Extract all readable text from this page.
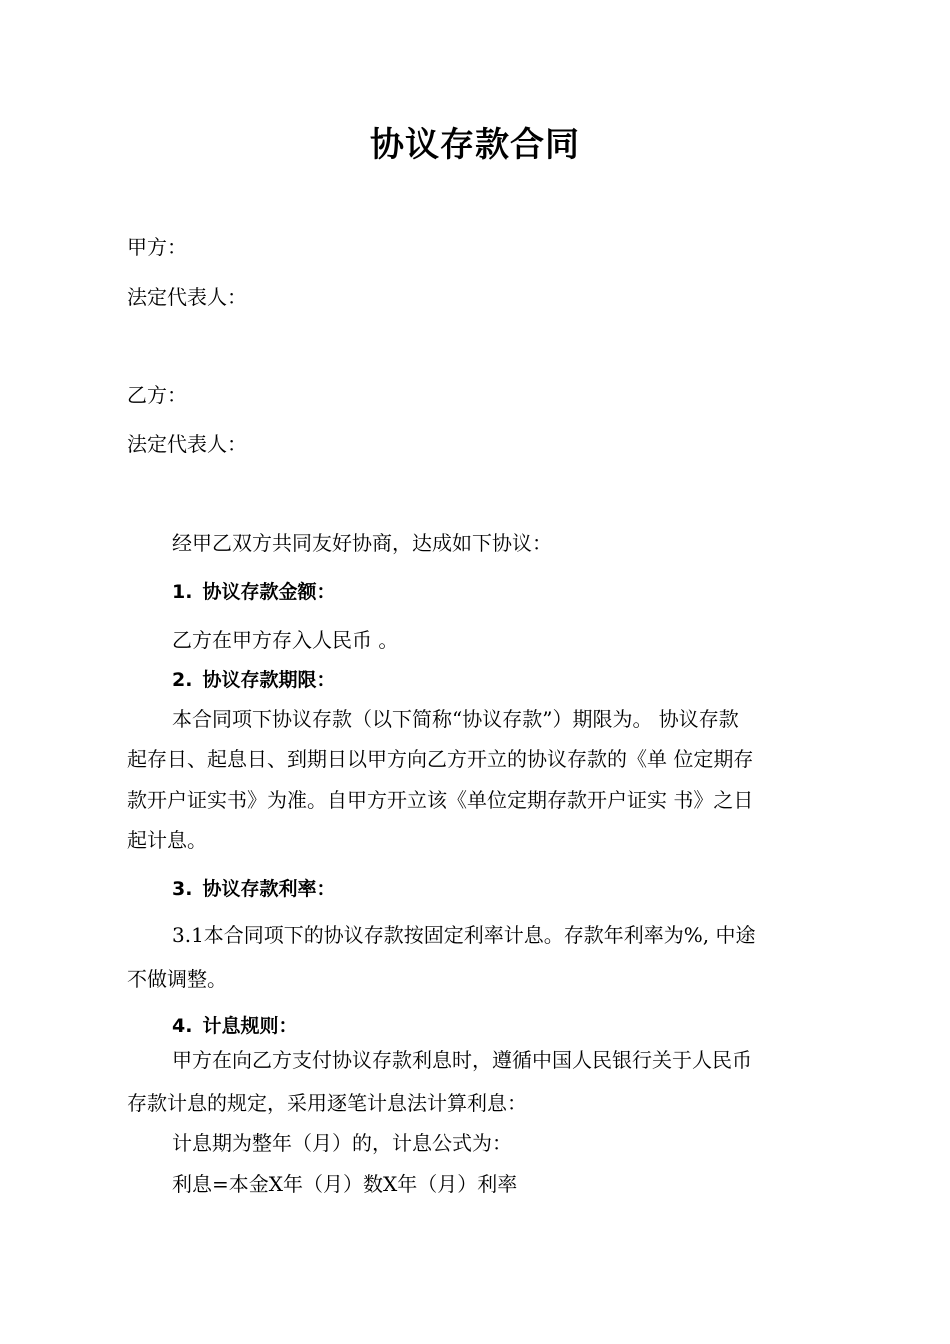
协议存款合同
甲方：
法定代表人：
乙方：
法定代表人：
经甲乙双方共同友好协商，达成如下协议：
1. 协议存款金额：
乙方在甲方存入人民币 。
2. 协议存款期限：
本合同项下协议存款（以下简称“协议存款”）期限为。 协议存款
起存日、起息日、到期日以甲方向乙方开立的协议存款的《单 位定期存
款开户证实书》为准。自甲方开立该《单位定期存款开户证实 书》之日
起计息。
3. 协议存款利率：
3.1本合同项下的协议存款按固定利率计息。存款年利率为%, 中途
不做调整。
4. 计息规则：
甲方在向乙方支付协议存款利息时，遵循中国人民银行关于人民币
存款计息的规定，采用逐笔计息法计算利息：
计息期为整年（月）的，计息公式为：
利息=本金X年（月）数X年（月）利率
